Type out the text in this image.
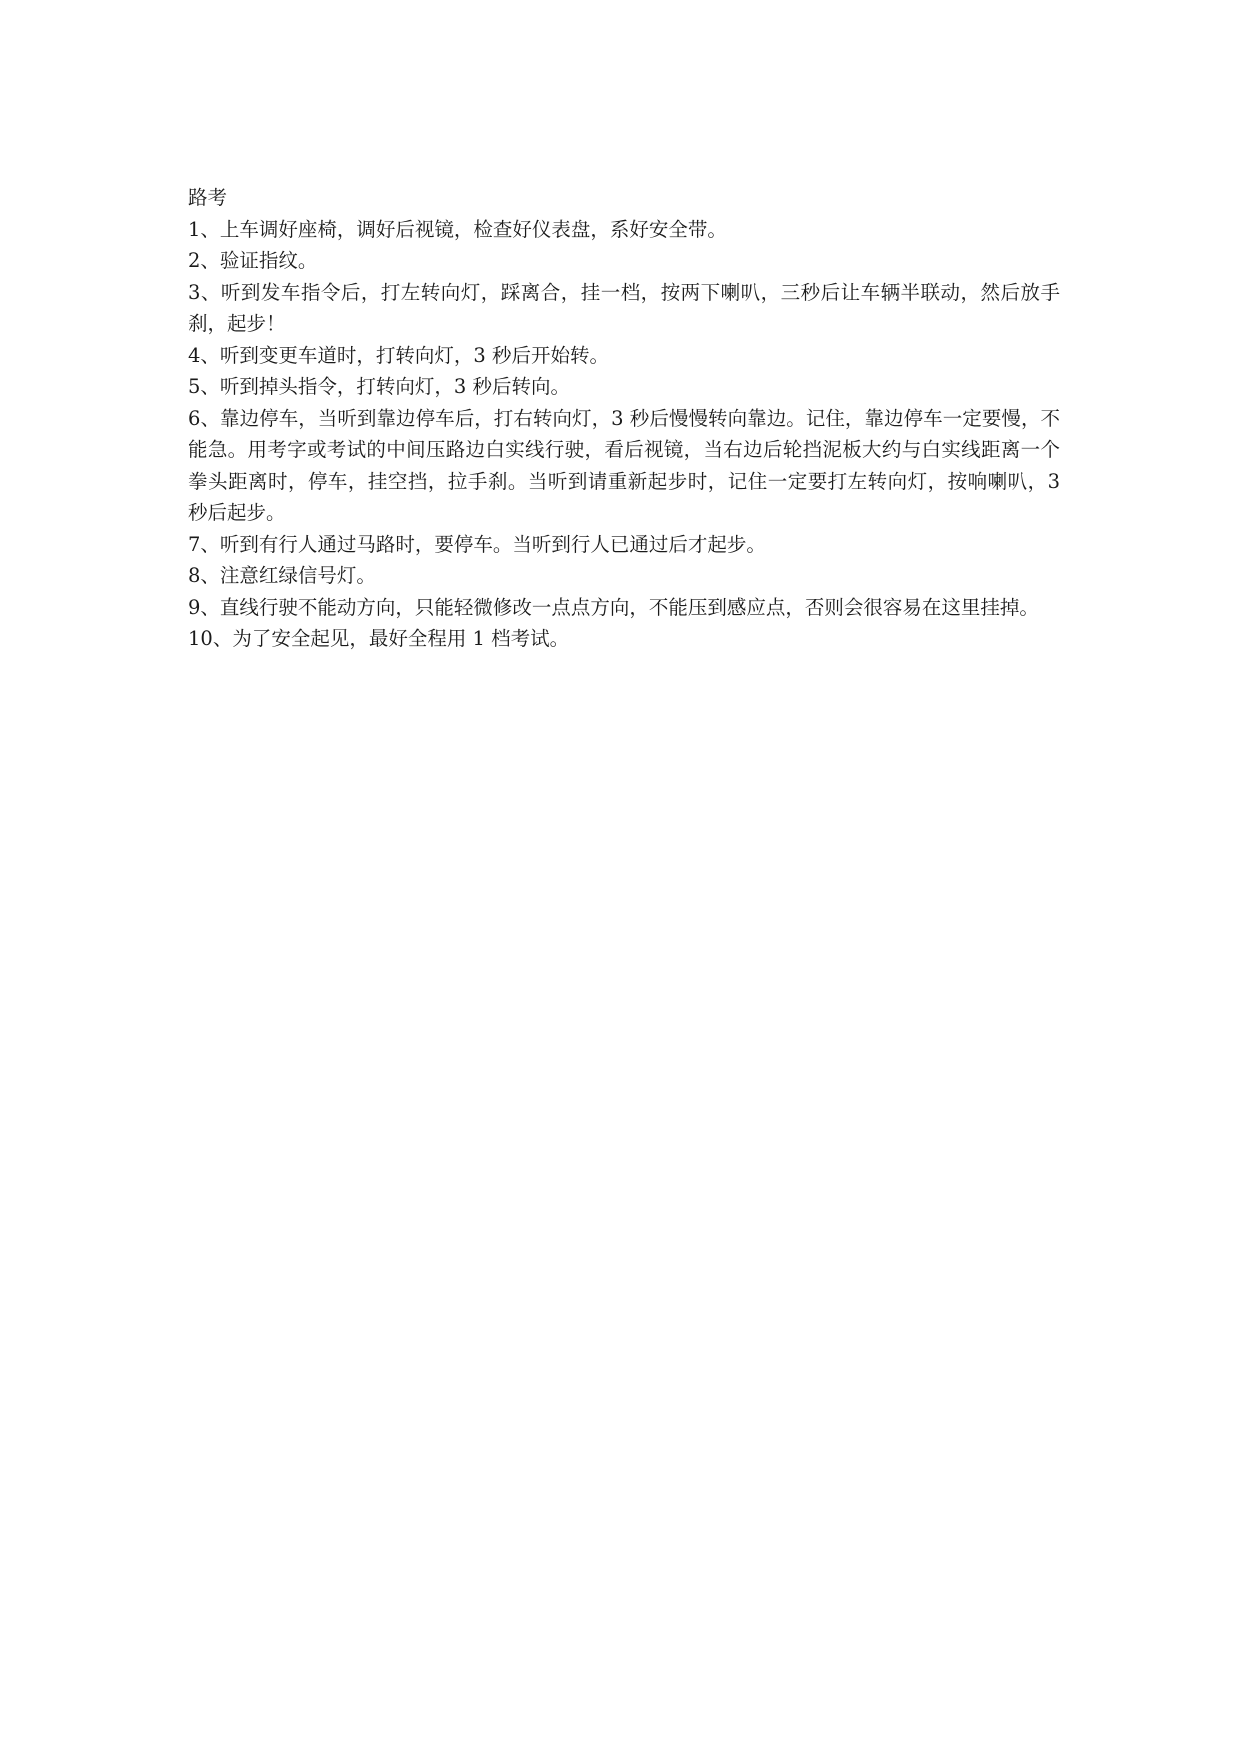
路考

1、上车调好座椅，调好后视镜，检查好仪表盘，系好安全带。

2、验证指纹。

3、听到发车指令后，打左转向灯，踩离合，挂一档，按两下喇叭，三秒后让车辆半联动，然后放手刹，起步！

4、听到变更车道时，打转向灯，3 秒后开始转。

5、听到掉头指令，打转向灯，3 秒后转向。

6、靠边停车，当听到靠边停车后，打右转向灯，3 秒后慢慢转向靠边。记住，靠边停车一定要慢，不能急。用考字或考试的中间压路边白实线行驶，看后视镜，当右边后轮挡泥板大约与白实线距离一个拳头距离时，停车，挂空挡，拉手刹。当听到请重新起步时，记住一定要打左转向灯，按响喇叭，3 秒后起步。

7、听到有行人通过马路时，要停车。当听到行人已通过后才起步。

8、注意红绿信号灯。

9、直线行驶不能动方向，只能轻微修改一点点方向，不能压到感应点，否则会很容易在这里挂掉。

10、为了安全起见，最好全程用 1 档考试。
